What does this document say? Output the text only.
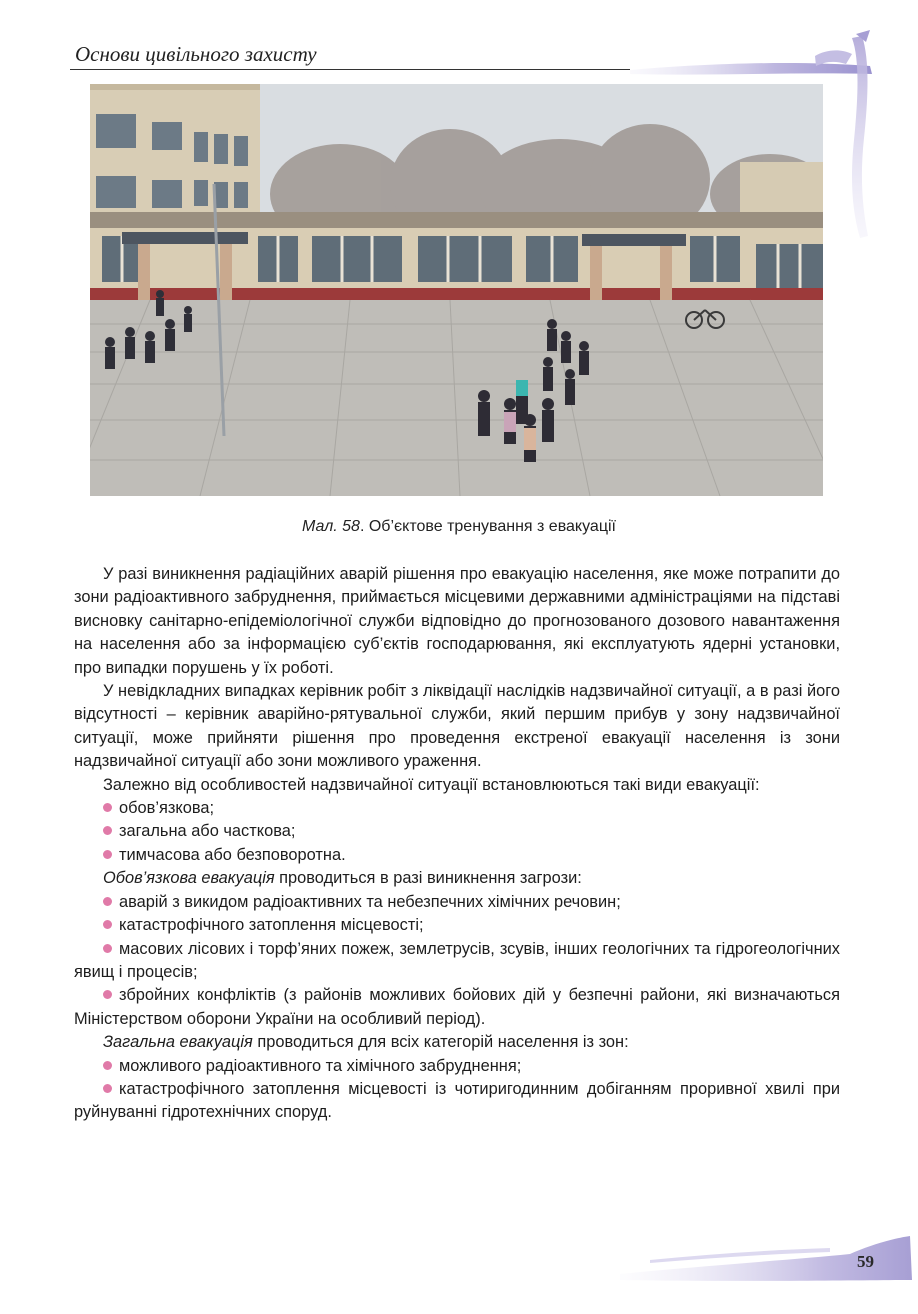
Основи цивільного захисту
Мал. 58. Об’єктове тренування з евакуації

У разі виникнення радіаційних аварій рішення про евакуацію населення, яке може потрапити до зони радіоактивного забруднення, приймається місцевими державними адміністраціями на підставі висновку санітарно-епідеміологічної служби відповідно до прогнозованого дозового навантаження на населення або за інформацією суб’єктів господарювання, які експлуатують ядерні установки, про випадки порушень у їх роботі.

У невідкладних випадках керівник робіт з ліквідації наслідків надзвичайної ситуації, а в разі його відсутності – керівник аварійно-рятувальної служби, який першим прибув у зону надзвичайної ситуації, може прийняти рішення про проведення екстреної евакуації населення із зони надзвичайної ситуації або зони можливого ураження.

Залежно від особливостей надзвичайної ситуації встановлюються такі види евакуації:

обов’язкова;

загальна або часткова;

тимчасова або безповоротна.

Обов’язкова евакуація проводиться в разі виникнення загрози:

аварій з викидом радіоактивних та небезпечних хімічних речовин;

катастрофічного затоплення місцевості;

масових лісових і торф’яних пожеж, землетрусів, зсувів, інших геологічних та гідрогеологічних явищ і процесів;

збройних конфліктів (з районів можливих бойових дій у безпечні райони, які визначаються Міністерством оборони України на особливий період).

Загальна евакуація проводиться для всіх категорій населення із зон:

можливого радіоактивного та хімічного забруднення;

катастрофічного затоплення місцевості із чотиригодинним добіганням проривної хвилі при руйнуванні гідротехнічних споруд.

59
